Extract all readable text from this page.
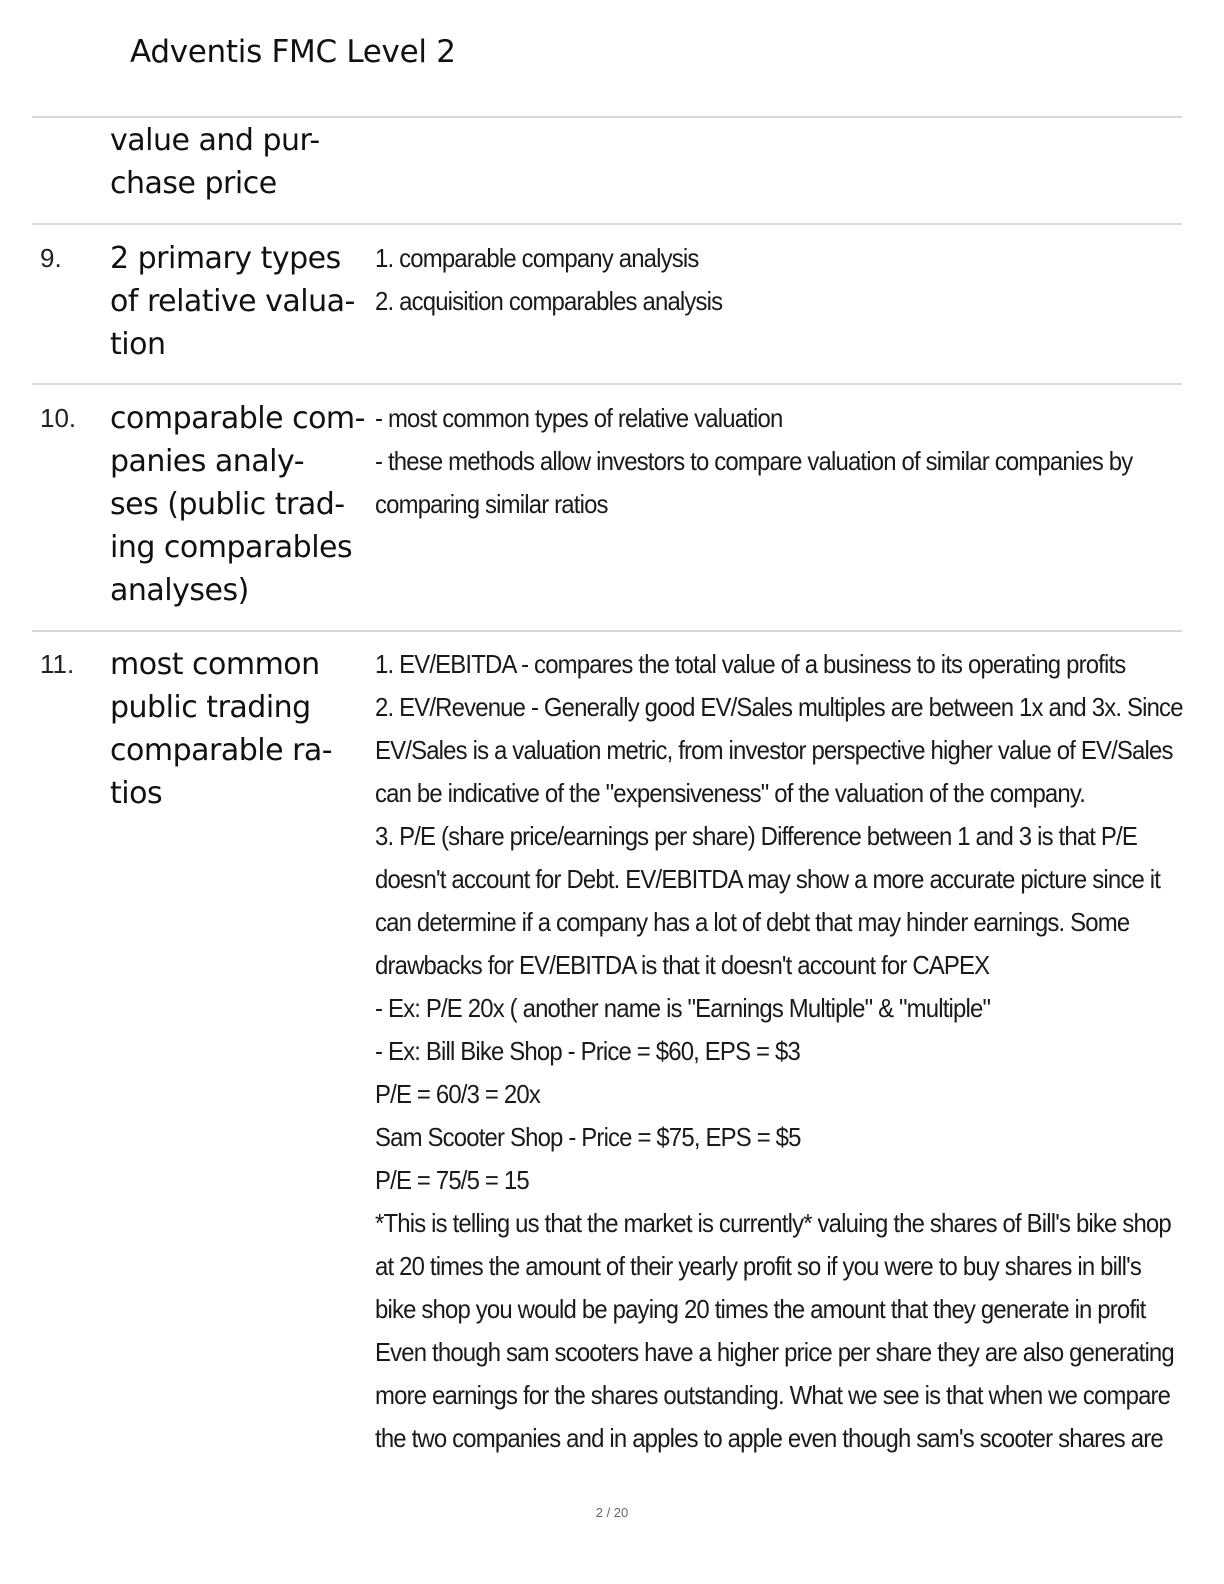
Adventis FMC Level 2
value and pur-
chase price
9. 2 primary types
of relative valua-
tion
1. comparable company analysis
2. acquisition comparables analysis
10. comparable com-
panies analy-
ses (public trad-
ing comparables
analyses)
- most common types of relative valuation
- these methods allow investors to compare valuation of similar companies by
comparing similar ratios
11. most common
public trading
comparable ra-
tios
1. EV/EBITDA - compares the total value of a business to its operating profits
2. EV/Revenue - Generally good EV/Sales multiples are between 1x and 3x. Since
EV/Sales is a valuation metric, from investor perspective higher value of EV/Sales
can be indicative of the "expensiveness" of the valuation of the company.
3. P/E (share price/earnings per share) Difference between 1 and 3 is that P/E
doesn't account for Debt. EV/EBITDA may show a more accurate picture since it
can determine if a company has a lot of debt that may hinder earnings. Some
drawbacks for EV/EBITDA is that it doesn't account for CAPEX
- Ex: P/E 20x ( another name is "Earnings Multiple" & "multiple"
- Ex: Bill Bike Shop - Price = $60, EPS = $3
P/E = 60/3 = 20x
Sam Scooter Shop - Price = $75, EPS = $5
P/E = 75/5 = 15
*This is telling us that the market is currently* valuing the shares of Bill's bike shop
at 20 times the amount of their yearly profit so if you were to buy shares in bill's
bike shop you would be paying 20 times the amount that they generate in profit
Even though sam scooters have a higher price per share they are also generating
more earnings for the shares outstanding. What we see is that when we compare
the two companies and in apples to apple even though sam's scooter shares are
2 / 20
